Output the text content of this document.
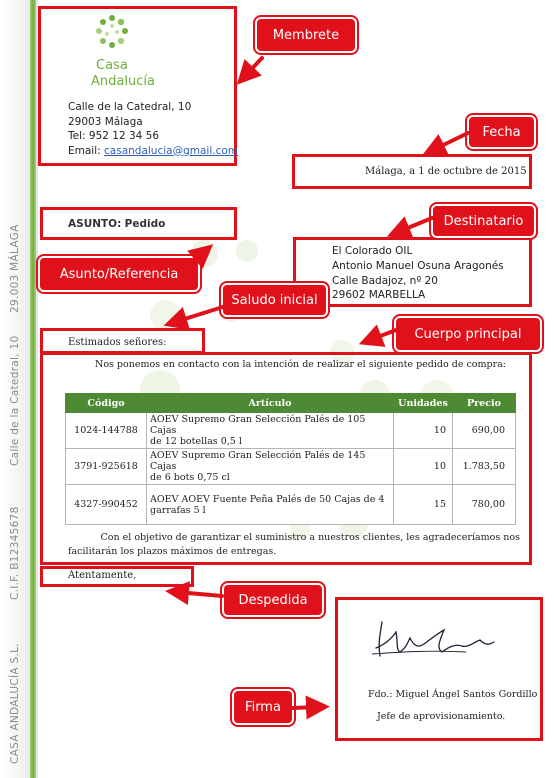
CASA ANDALUCÍA S.L.
C.I.F. B12345678
Calle de la Catedral, 10
29.003 MÁLAGA
Casa
Andalucía
Calle de la Catedral, 10
29003 Málaga
Tel: 952 12 34 56
Email: casandalucia@gmail.com
Málaga, a 1 de octubre de 2015
ASUNTO: Pedido
El Colorado OIL
Antonio Manuel Osuna Aragonés
Calle Badajoz, nº 20
29602 MARBELLA
Estimados señores:
Nos ponemos en contacto con la intención de realizar el siguiente pedido de compra:
Código	Artículo	Unidades	Precio
1024-144788	AOEV Supremo Gran Selección Palés de 105 Cajas
de 12 botellas 0,5 l	10	690,00
3791-925618	AOEV Supremo Gran Selección Palés de 145 Cajas
de 6 bots 0,75 cl	10	1.783,50
4327-990452	AOEV AOEV Fuente Peña Palés de 50 Cajas de 4
garrafas 5 l	15	780,00
Con el objetivo de garantizar el suministro a nuestros clientes, les agradeceríamos nos
facilitarán los plazos máximos de entregas.
Atentamente,
Fdo.: Miguel Ángel Santos Gordillo
Jefe de aprovisionamiento.
Membrete
Fecha
Destinatario
Asunto/Referencia
Saludo inicial
Cuerpo principal
Despedida
Firma
